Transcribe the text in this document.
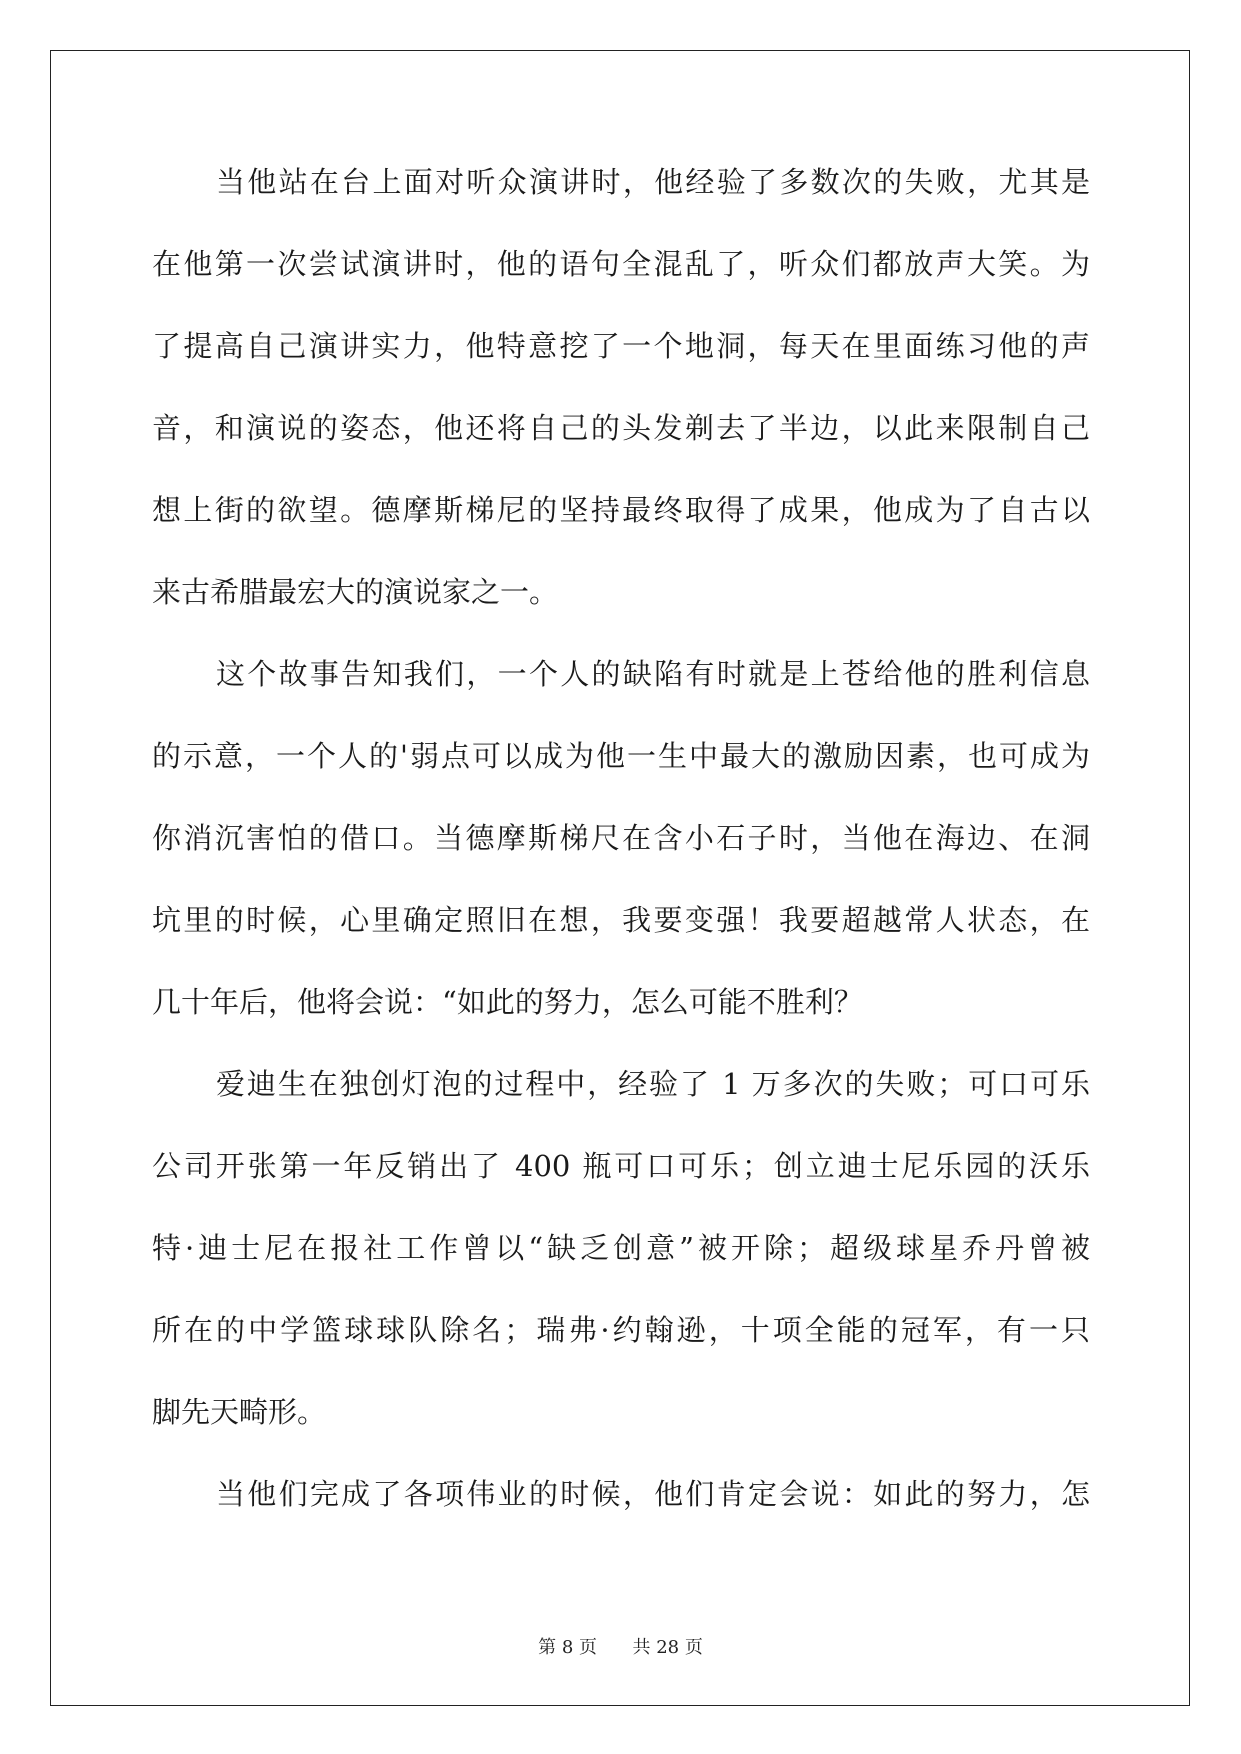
当他站在台上面对听众演讲时，他经验了多数次的失败，尤其是
在他第一次尝试演讲时，他的语句全混乱了，听众们都放声大笑。为
了提高自己演讲实力，他特意挖了一个地洞，每天在里面练习他的声
音，和演说的姿态，他还将自己的头发剃去了半边，以此来限制自己
想上街的欲望。德摩斯梯尼的坚持最终取得了成果，他成为了自古以
来古希腊最宏大的演说家之一。
这个故事告知我们，一个人的缺陷有时就是上苍给他的胜利信息
的示意，一个人的'弱点可以成为他一生中最大的激励因素，也可成为
你消沉害怕的借口。当德摩斯梯尺在含小石子时，当他在海边、在洞
坑里的时候，心里确定照旧在想，我要变强！我要超越常人状态，在
几十年后，他将会说：“如此的努力，怎么可能不胜利？
爱迪生在独创灯泡的过程中，经验了 1 万多次的失败；可口可乐
公司开张第一年反销出了 400 瓶可口可乐；创立迪士尼乐园的沃乐
特·迪士尼在报社工作曾以“缺乏创意”被开除；超级球星乔丹曾被
所在的中学篮球球队除名；瑞弗·约翰逊，十项全能的冠军，有一只
脚先天畸形。
当他们完成了各项伟业的时候，他们肯定会说：如此的努力，怎
第 8 页 共 28 页
